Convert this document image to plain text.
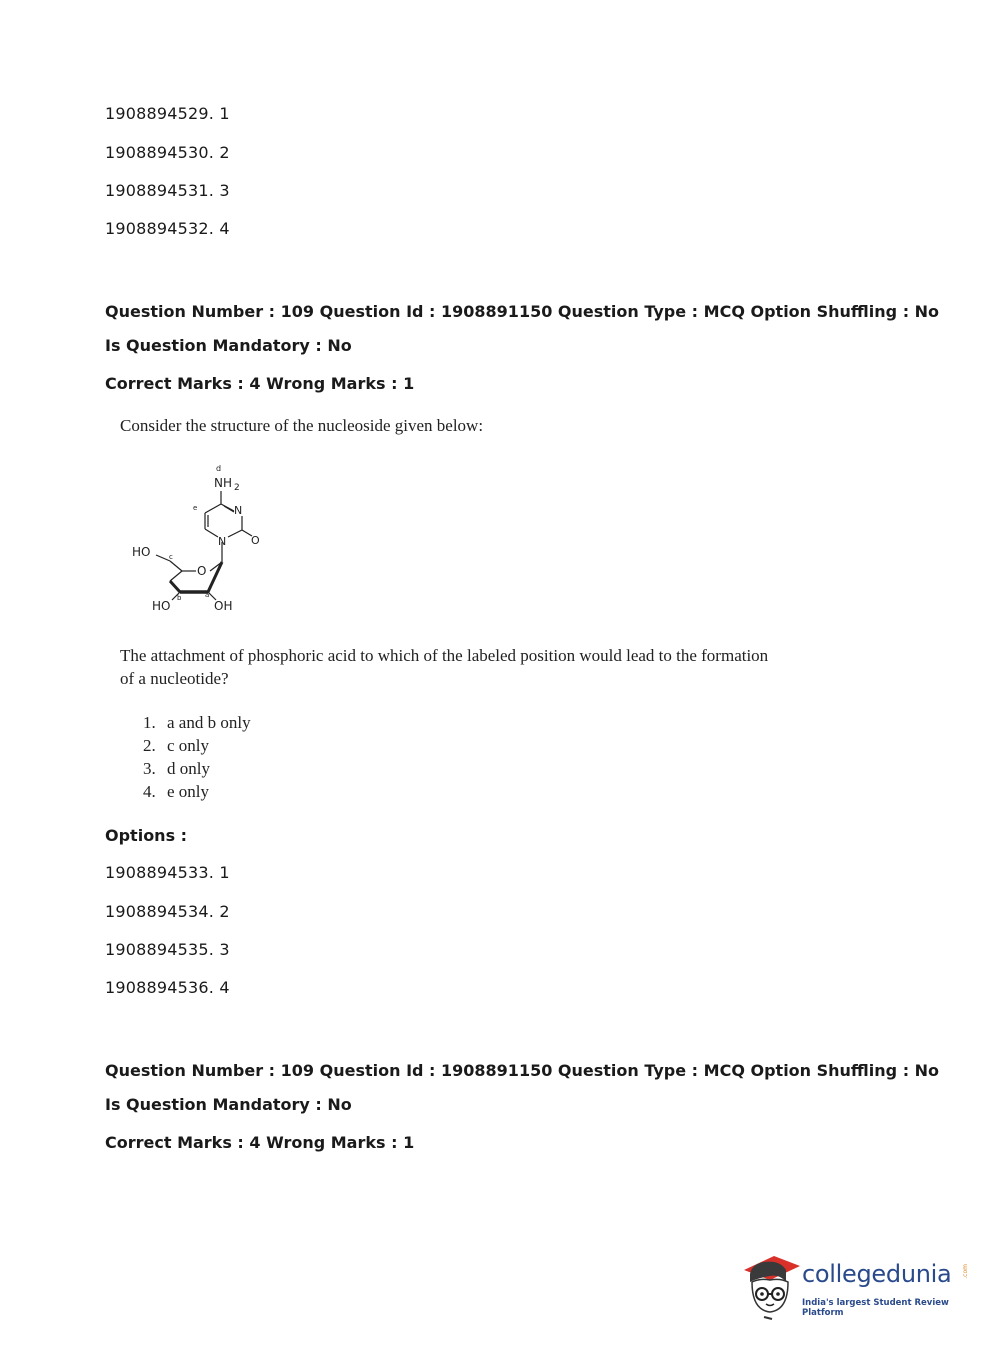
1908894529. 1
1908894530. 2
1908894531. 3
1908894532. 4
Question Number : 109 Question Id : 1908891150 Question Type : MCQ Option Shuffling : No
Is Question Mandatory : No
Correct Marks : 4 Wrong Marks : 1
Consider the structure of the nucleoside given below:
d
NH 2
e	N
N O
HO	c
O
b	a
HO	OH
The attachment of phosphoric acid to which of the labeled position would lead to the formation
of a nucleotide?
1. a and b only
2. c only
3. d only
4. e only
Options :
1908894533. 1
1908894534. 2
1908894535. 3
1908894536. 4
Question Number : 109 Question Id : 1908891150 Question Type : MCQ Option Shuffling : No
Is Question Mandatory : No
Correct Marks : 4 Wrong Marks : 1
collegedunia .com
India's largest Student Review Platform
